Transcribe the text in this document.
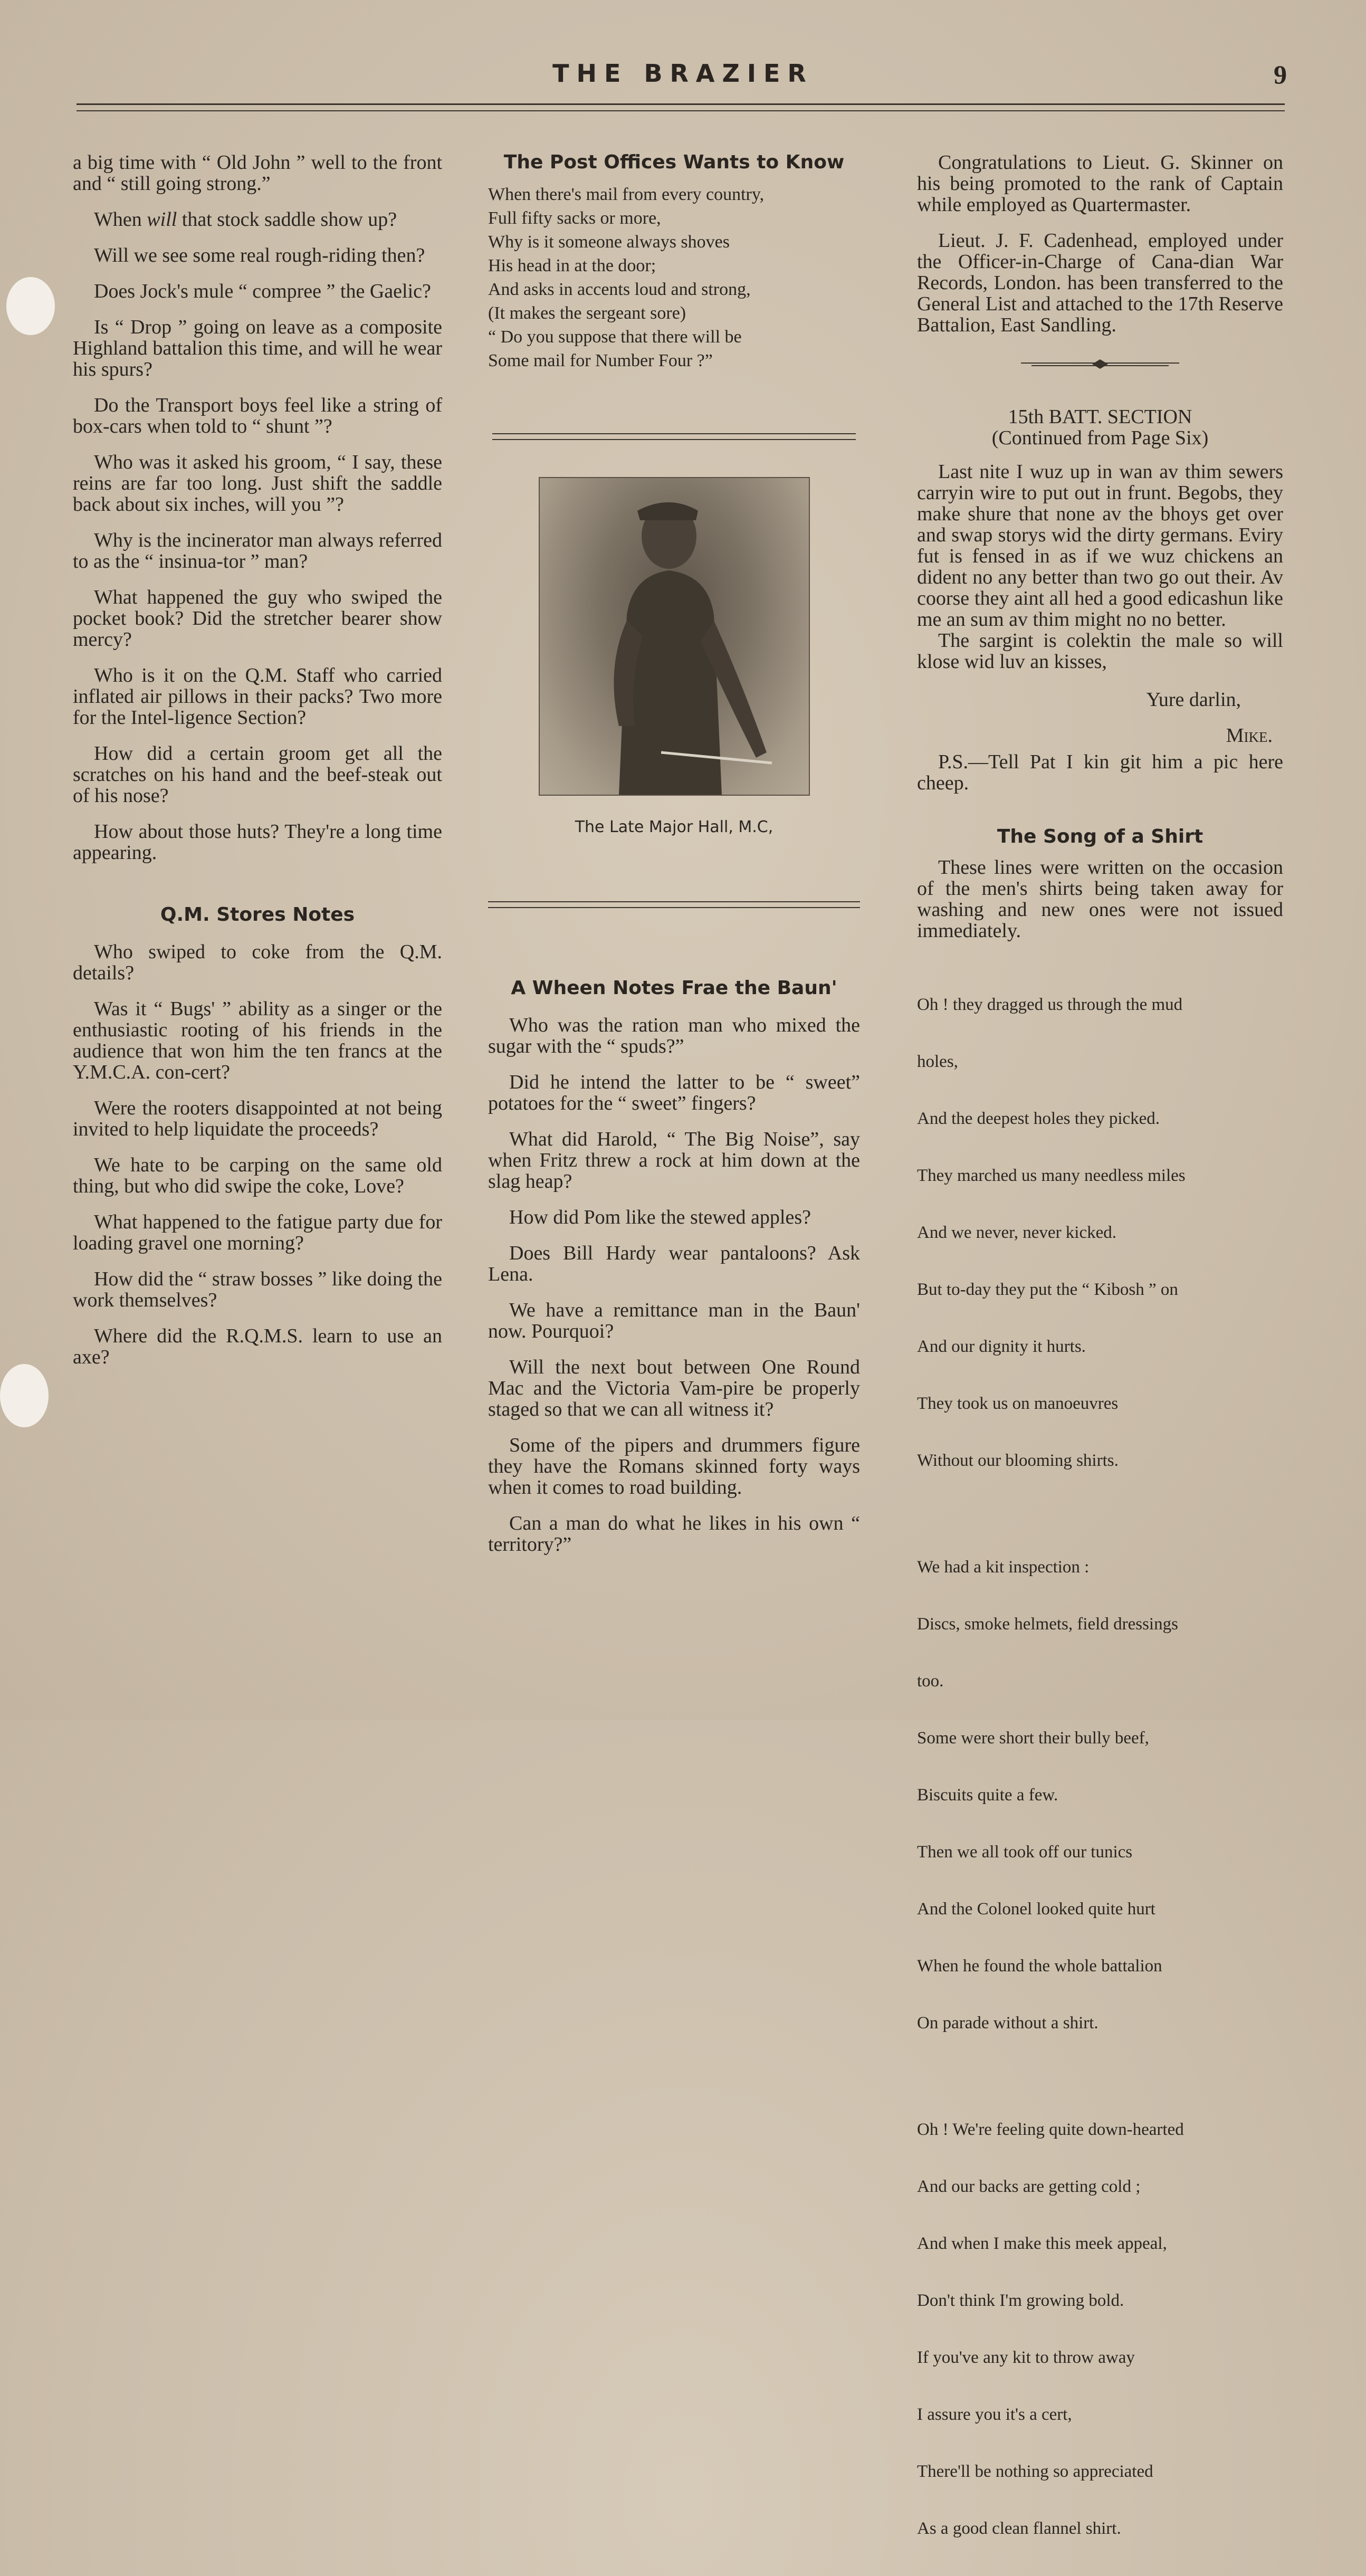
THE BRAZIER	9

a big time with “ Old John ” well to the front and “ still going strong.”

When will that stock saddle show up?

Will we see some real rough-riding then?

Does Jock's mule “ compree ” the Gaelic?

Is “ Drop ” going on leave as a composite Highland battalion this time, and will he wear his spurs?

Do the Transport boys feel like a string of box-cars when told to “ shunt ”?

Who was it asked his groom, “ I say, these reins are far too long. Just shift the saddle back about six inches, will you ”?

Why is the incinerator man always referred to as the “ insinua-tor ” man?

What happened the guy who swiped the pocket book? Did the stretcher bearer show mercy?

Who is it on the Q.M. Staff who carried inflated air pillows in their packs? Two more for the Intel-ligence Section?

How did a certain groom get all the scratches on his hand and the beef-steak out of his nose?

How about those huts? They're a long time appearing.

Q.M. Stores Notes

Who swiped to coke from the Q.M. details?

Was it “ Bugs' ” ability as a singer or the enthusiastic rooting of his friends in the audience that won him the ten francs at the Y.M.C.A. con-cert?

Were the rooters disappointed at not being invited to help liquidate the proceeds?

We hate to be carping on the same old thing, but who did swipe the coke, Love?

What happened to the fatigue party due for loading gravel one morning?

How did the “ straw bosses ” like doing the work themselves?

Where did the R.Q.M.S. learn to use an axe?

The Post Offices Wants to Know
When there's mail from every country,
Full fifty sacks or more,
Why is it someone always shoves
His head in at the door;
And asks in accents loud and strong,
(It makes the sergeant sore)
“ Do you suppose that there will be
Some mail for Number Four ?”
The Late Major Hall, M.C,
A Wheen Notes Frae the Baun'

Who was the ration man who mixed the sugar with the “ spuds?”

Did he intend the latter to be “ sweet” potatoes for the “ sweet” fingers?

What did Harold, “ The Big Noise”, say when Fritz threw a rock at him down at the slag heap?

How did Pom like the stewed apples?

Does Bill Hardy wear pantaloons? Ask Lena.

We have a remittance man in the Baun' now. Pourquoi?

Will the next bout between One Round Mac and the Victoria Vam-pire be properly staged so that we can all witness it?

Some of the pipers and drummers figure they have the Romans skinned forty ways when it comes to road building.

Can a man do what he likes in his own “ territory?”

Congratulations to Lieut. G. Skinner on his being promoted to the rank of Captain while employed as Quartermaster.

Lieut. J. F. Cadenhead, employed under the Officer-in-Charge of Cana-dian War Records, London. has been transferred to the General List and attached to the 17th Reserve Battalion, East Sandling.

15th BATT. SECTION

(Continued from Page Six)

Last nite I wuz up in wan av thim sewers carryin wire to put out in frunt. Begobs, they make shure that none av the bhoys get over and swap storys wid the dirty germans. Eviry fut is fensed in as if we wuz chickens an dident no any better than two go out their. Av coorse they aint all hed a good edicashun like me an sum av thim might no no better.

The sargint is colektin the male so will klose wid luv an kisses,

Yure darlin,

Mike.

P.S.—Tell Pat I kin git him a pic here cheep.

The Song of a Shirt

These lines were written on the occasion of the men's shirts being taken away for washing and new ones were not issued immediately.

Oh ! they dragged us through the mud

holes,

And the deepest holes they picked.

They marched us many needless miles

And we never, never kicked.

But to-day they put the “ Kibosh ” on

And our dignity it hurts.

They took us on manoeuvres

Without our blooming shirts.

We had a kit inspection :

Discs, smoke helmets, field dressings

too.

Some were short their bully beef,

Biscuits quite a few.

Then we all took off our tunics

And the Colonel looked quite hurt

When he found the whole battalion

On parade without a shirt.

Oh ! We're feeling quite down-hearted

And our backs are getting cold ;

And when I make this meek appeal,

Don't think I'm growing bold.

If you've any kit to throw away

I assure you it's a cert,

There'll be nothing so appreciated

As a good clean flannel shirt.
